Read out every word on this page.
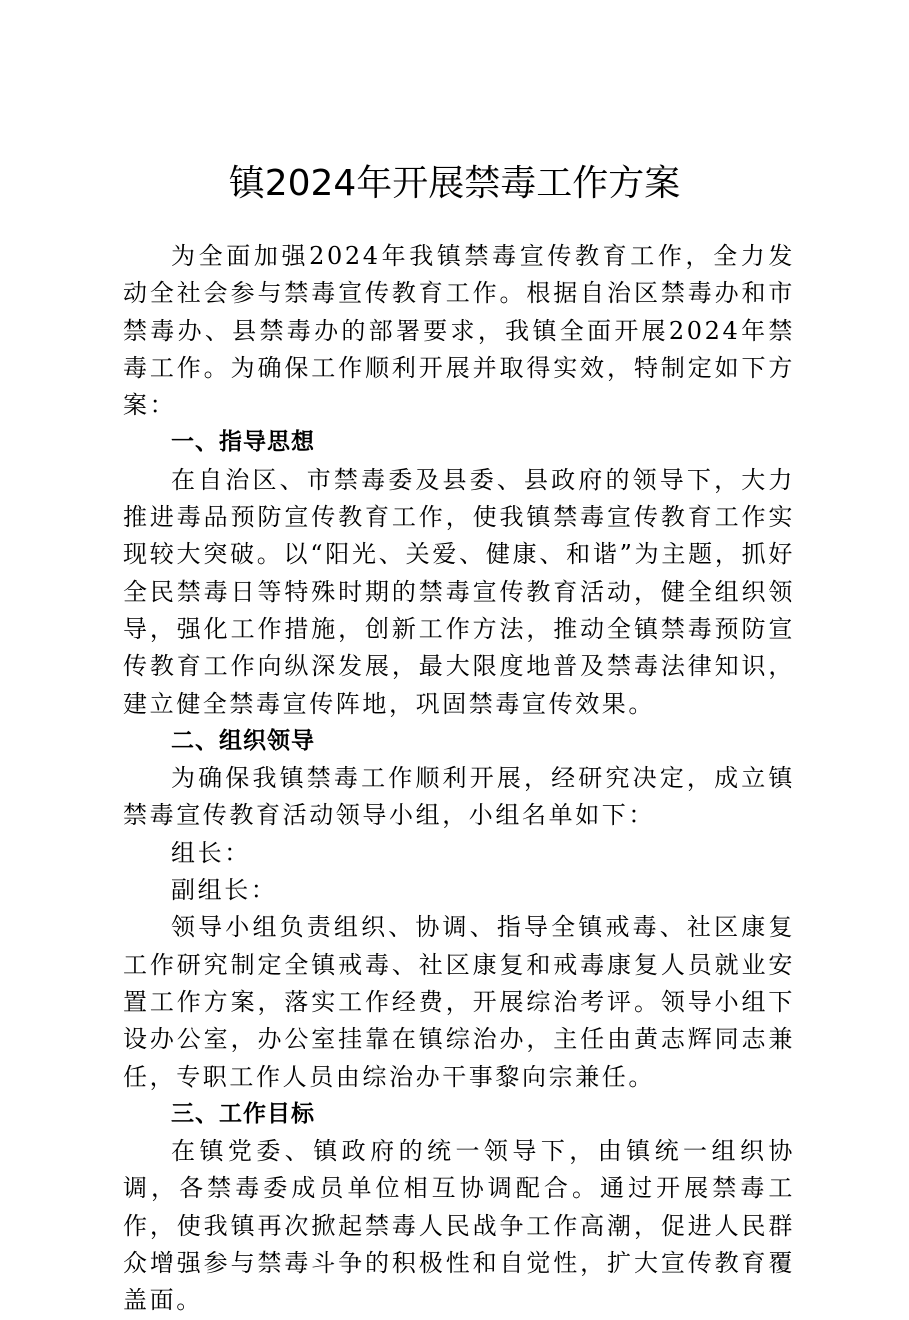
镇2024年开展禁毒工作方案

为全面加强2024年我镇禁毒宣传教育工作，全力发动全社会参与禁毒宣传教育工作。根据自治区禁毒办和市禁毒办、县禁毒办的部署要求，我镇全面开展2024年禁毒工作。为确保工作顺利开展并取得实效，特制定如下方案：

一、指导思想

在自治区、市禁毒委及县委、县政府的领导下，大力推进毒品预防宣传教育工作，使我镇禁毒宣传教育工作实现较大突破。以“阳光、关爱、健康、和谐”为主题，抓好全民禁毒日等特殊时期的禁毒宣传教育活动，健全组织领导，强化工作措施，创新工作方法，推动全镇禁毒预防宣传教育工作向纵深发展，最大限度地普及禁毒法律知识，建立健全禁毒宣传阵地，巩固禁毒宣传效果。

二、组织领导

为确保我镇禁毒工作顺利开展，经研究决定，成立镇禁毒宣传教育活动领导小组，小组名单如下：

组长：

副组长：

领导小组负责组织、协调、指导全镇戒毒、社区康复工作研究制定全镇戒毒、社区康复和戒毒康复人员就业安置工作方案，落实工作经费，开展综治考评。领导小组下设办公室，办公室挂靠在镇综治办，主任由黄志辉同志兼任，专职工作人员由综治办干事黎向宗兼任。

三、工作目标

在镇党委、镇政府的统一领导下，由镇统一组织协调，各禁毒委成员单位相互协调配合。通过开展禁毒工作，使我镇再次掀起禁毒人民战争工作高潮，促进人民群众增强参与禁毒斗争的积极性和自觉性，扩大宣传教育覆盖面。
